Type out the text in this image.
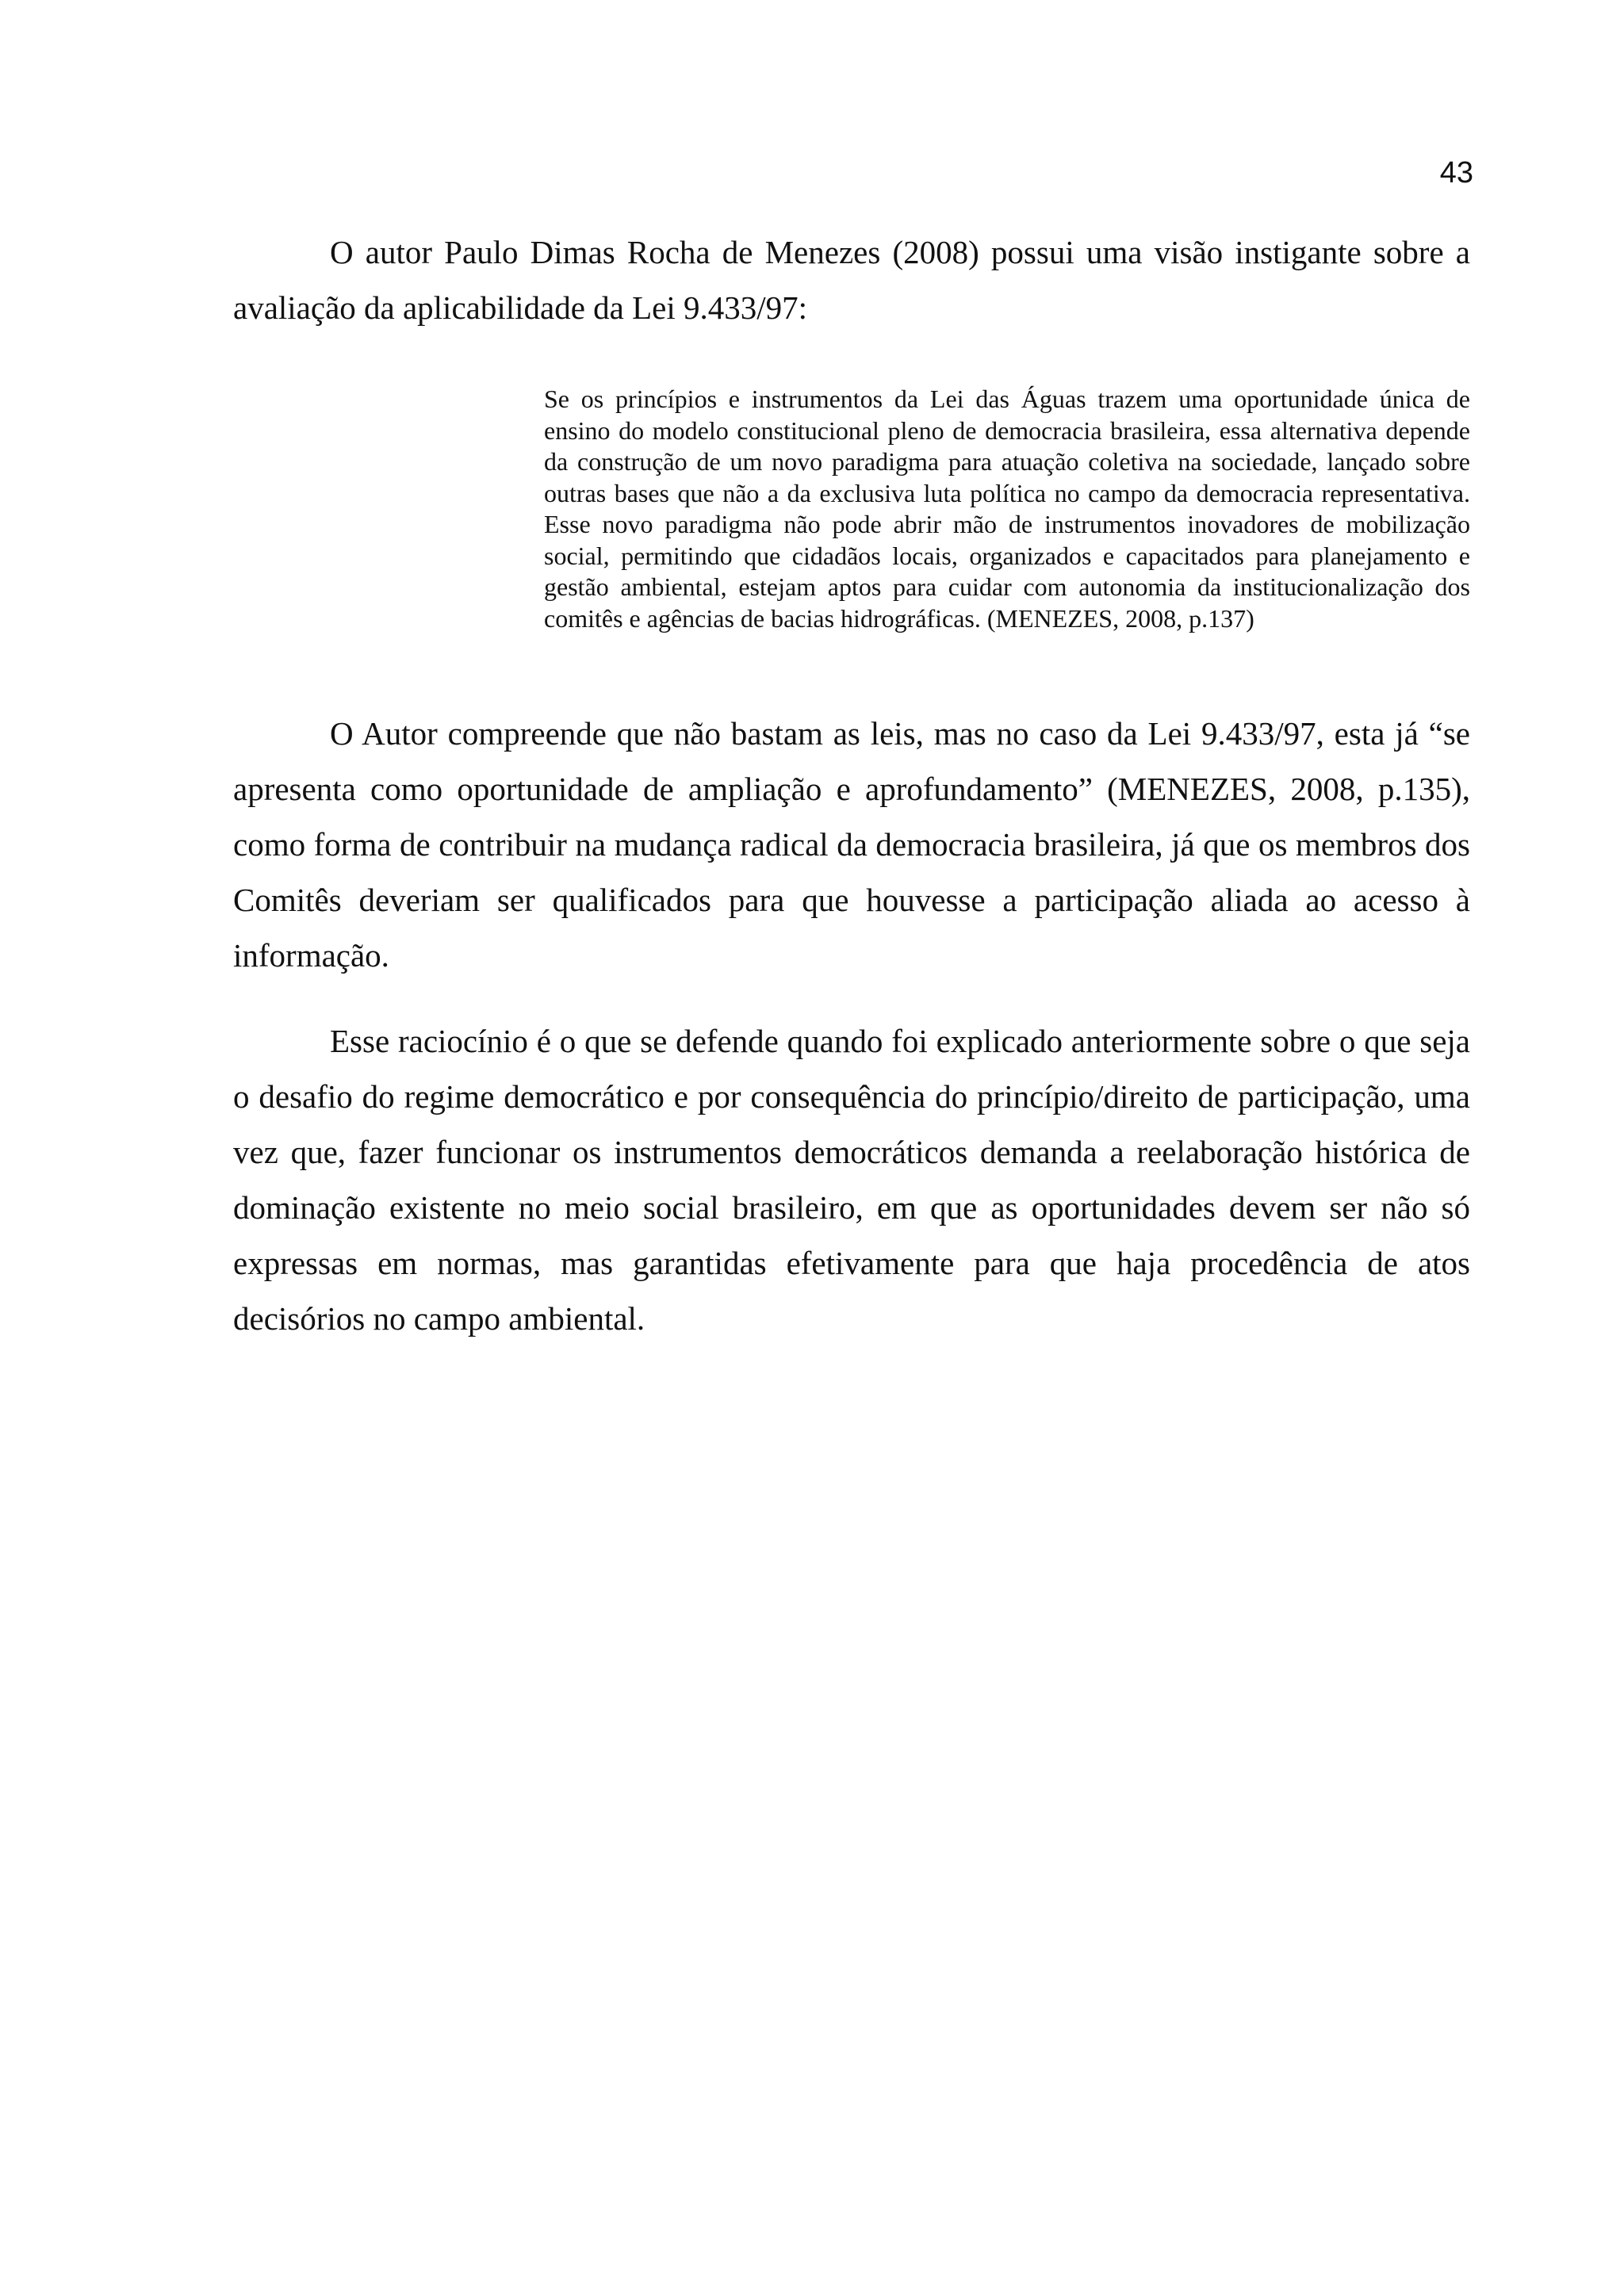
43

O autor Paulo Dimas Rocha de Menezes (2008) possui uma visão instigante sobre a avaliação da aplicabilidade da Lei 9.433/97:

Se os princípios e instrumentos da Lei das Águas trazem uma oportunidade única de ensino do modelo constitucional pleno de democracia brasileira, essa alternativa depende da construção de um novo paradigma para atuação coletiva na sociedade, lançado sobre outras bases que não a da exclusiva luta política no campo da democracia representativa. Esse novo paradigma não pode abrir mão de instrumentos inovadores de mobilização social, permitindo que cidadãos locais, organizados e capacitados para planejamento e gestão ambiental, estejam aptos para cuidar com autonomia da institucionalização dos comitês e agências de bacias hidrográficas. (MENEZES, 2008, p.137)

O Autor compreende que não bastam as leis, mas no caso da Lei 9.433/97, esta já “se apresenta como oportunidade de ampliação e aprofundamento” (MENEZES, 2008, p.135), como forma de contribuir na mudança radical da democracia brasileira, já que os membros dos Comitês deveriam ser qualificados para que houvesse a participação aliada ao acesso à informação.

Esse raciocínio é o que se defende quando foi explicado anteriormente sobre o que seja o desafio do regime democrático e por consequência do princípio/direito de participação, uma vez que, fazer funcionar os instrumentos democráticos demanda a reelaboração histórica de dominação existente no meio social brasileiro, em que as oportunidades devem ser não só expressas em normas, mas garantidas efetivamente para que haja procedência de atos decisórios no campo ambiental.
